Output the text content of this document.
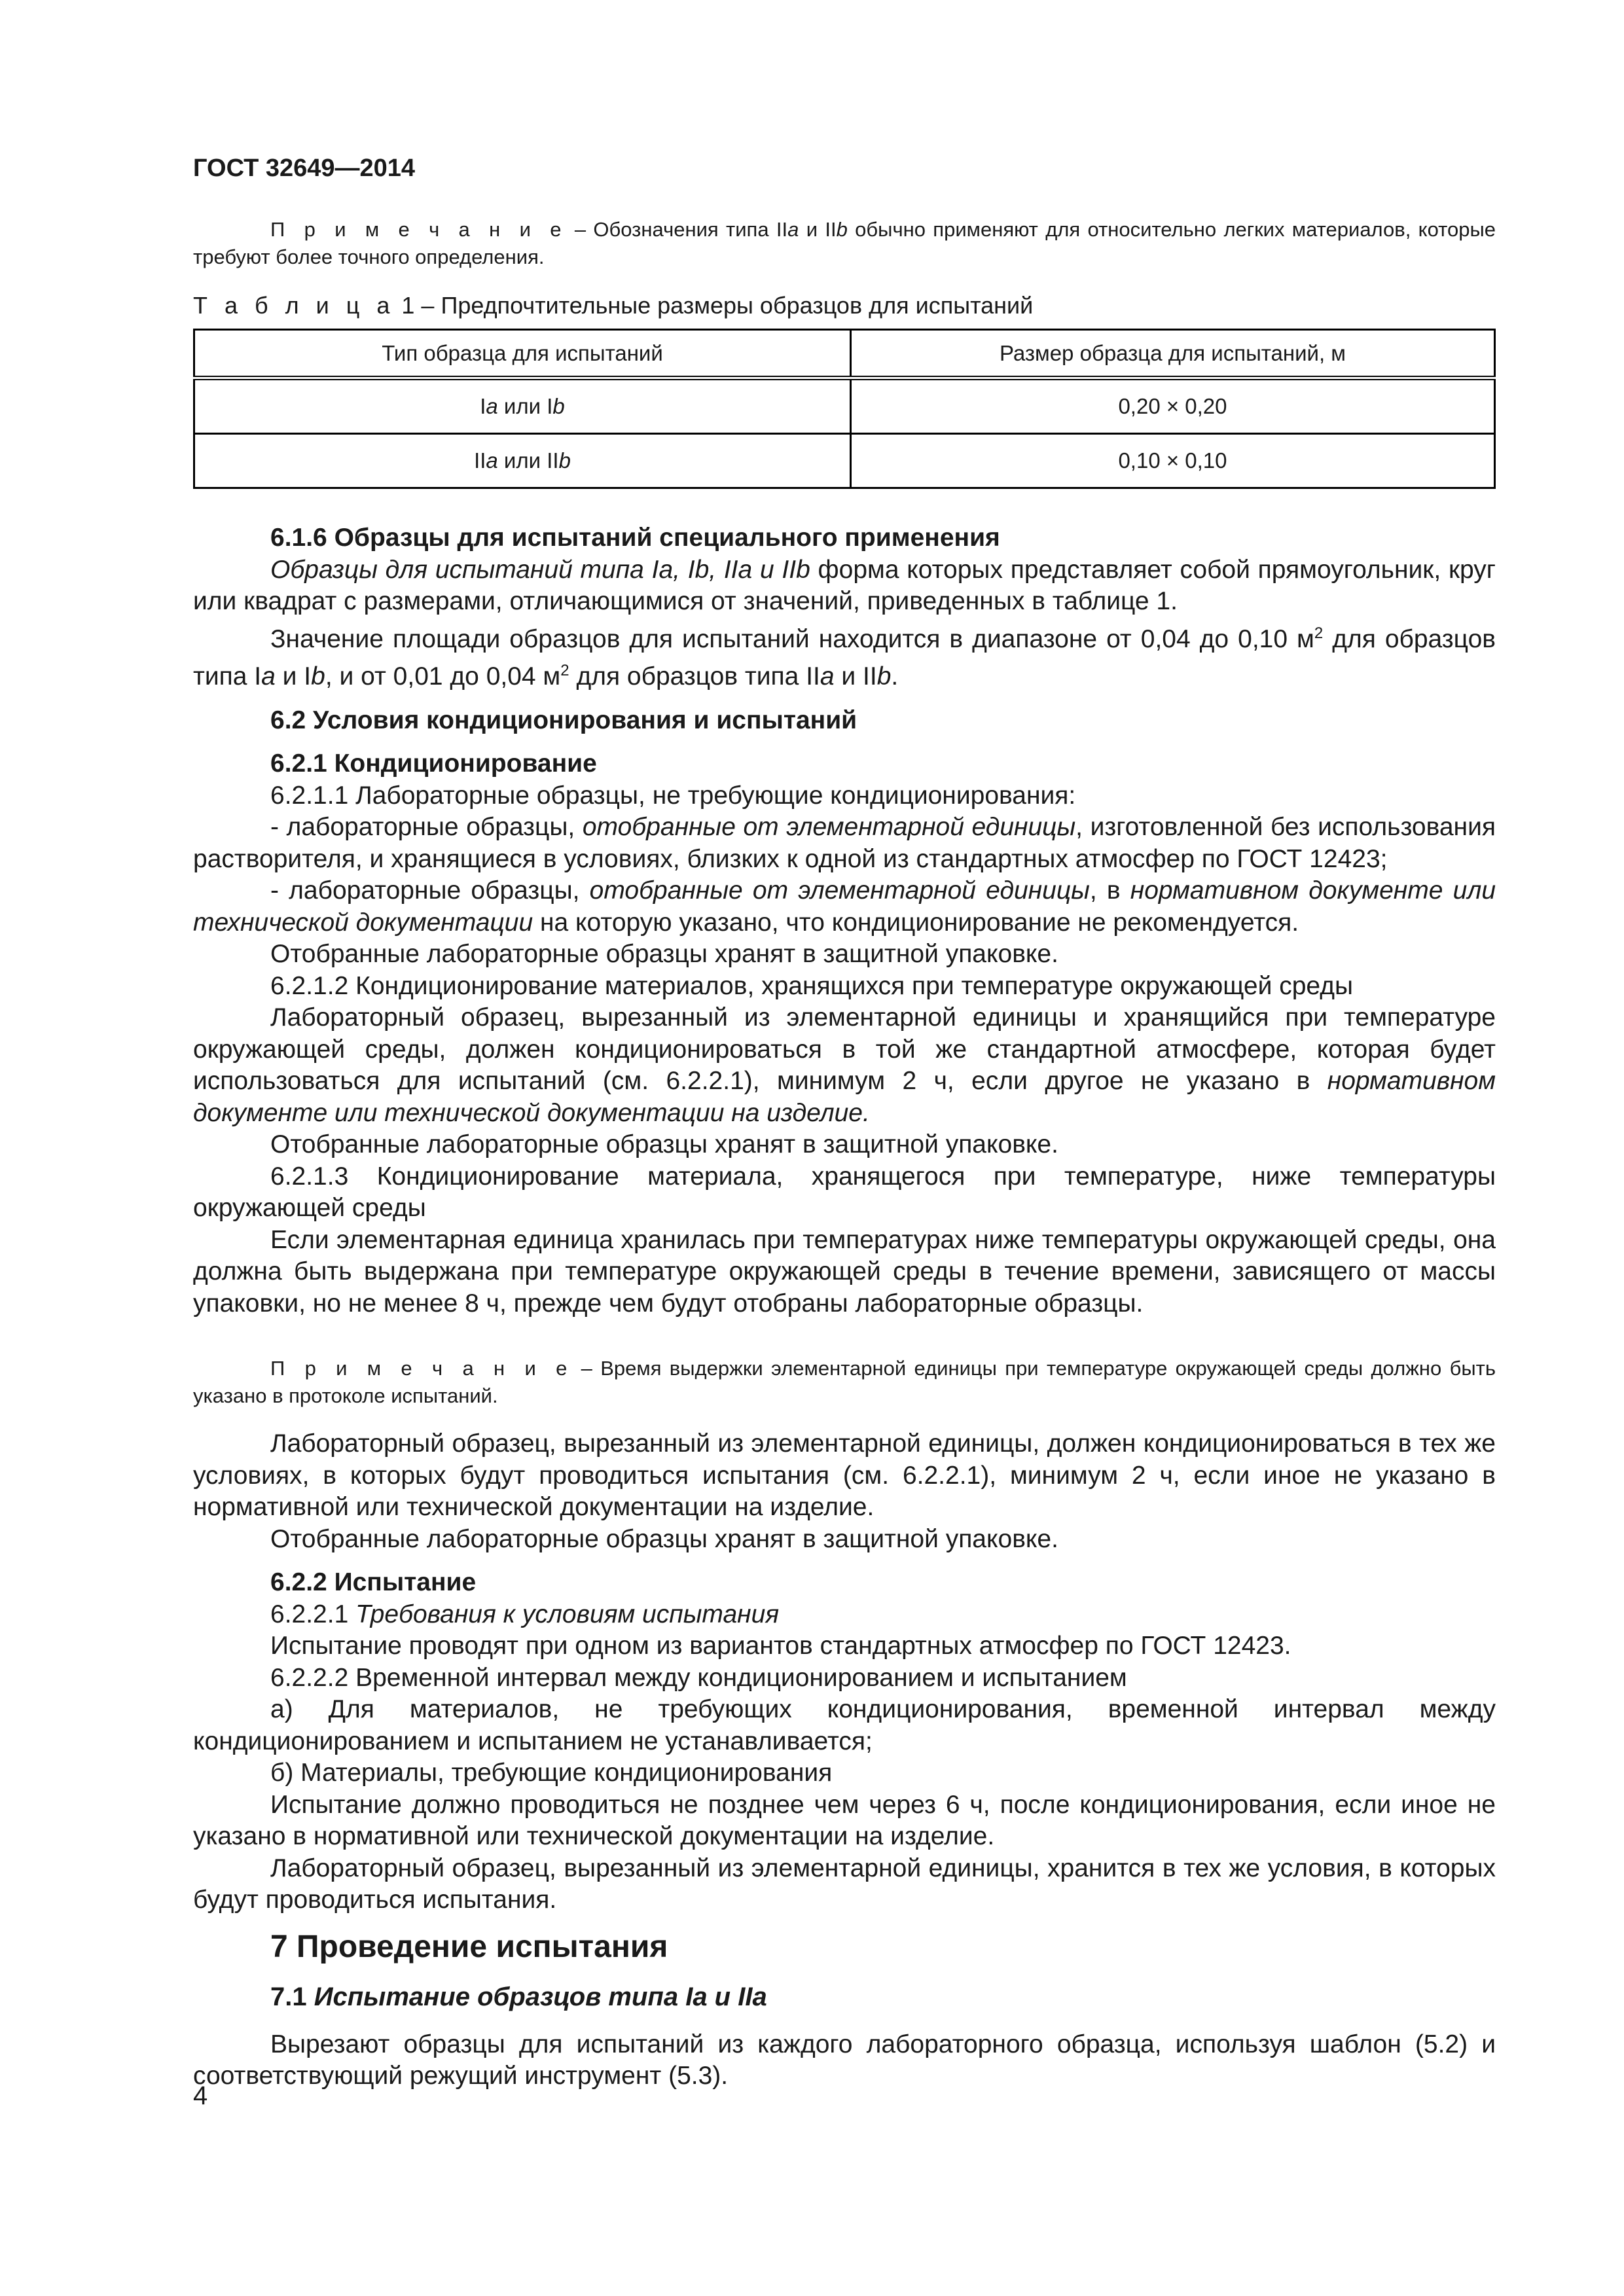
ГОСТ 32649—2014
П р и м е ч а н и е – Обозначения типа IIa и IIb обычно применяют для относительно легких материалов, которые требуют более точного определения.
Т а б л и ц а 1 – Предпочтительные размеры образцов для испытаний
Тип образца для испытаний	Размер образца для испытаний, м
Ia или Ib	0,20 × 0,20
IIa или IIb	0,10 × 0,10

6.1.6 Образцы для испытаний специального применения

Образцы для испытаний типа Ia, Ib, IIa и IIb форма которых представляет собой прямоугольник, круг или квадрат с размерами, отличающимися от значений, приведенных в таблице 1.

Значение площади образцов для испытаний находится в диапазоне от 0,04 до 0,10 $м^2$ для образцов типа Ia и Ib, и от 0,01 до 0,04 $м^2$ для образцов типа IIa и IIb.

6.2 Условия кондиционирования и испытаний

6.2.1 Кондиционирование

6.2.1.1 Лабораторные образцы, не требующие кондиционирования:

- лабораторные образцы, отобранные от элементарной единицы, изготовленной без использования растворителя, и хранящиеся в условиях, близких к одной из стандартных атмосфер по ГОСТ 12423;

- лабораторные образцы, отобранные от элементарной единицы, в нормативном документе или технической документации на которую указано, что кондиционирование не рекомендуется.

Отобранные лабораторные образцы хранят в защитной упаковке.

6.2.1.2 Кондиционирование материалов, хранящихся при температуре окружающей среды

Лабораторный образец, вырезанный из элементарной единицы и хранящийся при температуре окружающей среды, должен кондиционироваться в той же стандартной атмосфере, которая будет использоваться для испытаний (см. 6.2.2.1), минимум 2 ч, если другое не указано в нормативном документе или технической документации на изделие.

Отобранные лабораторные образцы хранят в защитной упаковке.

6.2.1.3 Кондиционирование материала, хранящегося при температуре, ниже температуры окружающей среды

Если элементарная единица хранилась при температурах ниже температуры окружающей среды, она должна быть выдержана при температуре окружающей среды в течение времени, зависящего от массы упаковки, но не менее 8 ч, прежде чем будут отобраны лабораторные образцы.

П р и м е ч а н и е – Время выдержки элементарной единицы при температуре окружающей среды должно быть указано в протоколе испытаний.

Лабораторный образец, вырезанный из элементарной единицы, должен кондиционироваться в тех же условиях, в которых будут проводиться испытания (см. 6.2.2.1), минимум 2 ч, если иное не указано в нормативной или технической документации на изделие.

Отобранные лабораторные образцы хранят в защитной упаковке.

6.2.2 Испытание

6.2.2.1 Требования к условиям испытания

Испытание проводят при одном из вариантов стандартных атмосфер по ГОСТ 12423.

6.2.2.2 Временной интервал между кондиционированием и испытанием

а) Для материалов, не требующих кондиционирования, временной интервал между кондиционированием и испытанием не устанавливается;

б) Материалы, требующие кондиционирования

Испытание должно проводиться не позднее чем через 6 ч, после кондиционирования, если иное не указано в нормативной или технической документации на изделие.

Лабораторный образец, вырезанный из элементарной единицы, хранится в тех же условия, в которых будут проводиться испытания.

7 Проведение испытания

7.1 Испытание образцов типа Ia и IIa

Вырезают образцы для испытаний из каждого лабораторного образца, используя шаблон (5.2) и соответствующий режущий инструмент (5.3).

4
